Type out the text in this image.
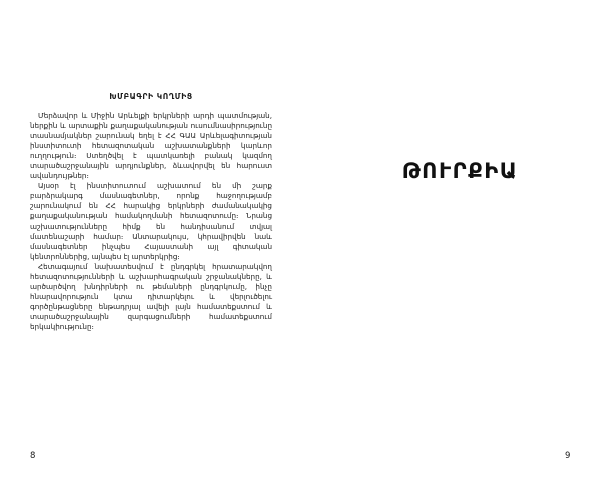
ԽՄԲԱԳՐԻ ԿՈՂՄԻՑ

Մերձավոր և Միջին Արևելքի երկրների արդի պատմության, ներքին և արտաքին քաղաքականության ուսումնասիրությունը տասնամյակներ շարունակ եղել է ՀՀ ԳԱԱ Արևելագիտության ինստիտուտի հետազոտական աշխատանքների կարևոր ուղղություն։ Ստեղծվել է պատկառելի բանակ կազմող տարածաշրջանային արդյունքներ, ձևավորվել են հարուստ ավանդույթներ։

Այսօր էլ ինստիտուտում աշխատում են մի շարք բարձրակարգ մասնագետներ, որոնք հաջողությամբ շարունակում են ՀՀ հարակից երկրների ժամանակակից քաղաքականության համակողմանի հետազոտումը։ Նրանց աշխատությունները հիմք են հանդիսանում տվյալ մատենաշարի համար։ Անտարակույս, կհրավիրվեն նաև մասնագետներ ինչպես Հայաստանի այլ գիտական կենտրոններից, այնպես էլ արտերկրից։

Հետագայում նախատեսվում է ընդգրկել հրատարակվող հետազոտությունների և աշխարհագրական շրջանակները, և արծարծվող խնդիրների ու թեմաների ընդգրկումը, ինչը հնարավորություն կտա դիտարկելու և վերլուծելու գործընթացները ենթադրյալ ավելի լայն համատեքստում և տարածաշրջանային զարգացումների համատեքստում երկակիությունը։

8
ԹՈՒՐՔԻԱ
9
